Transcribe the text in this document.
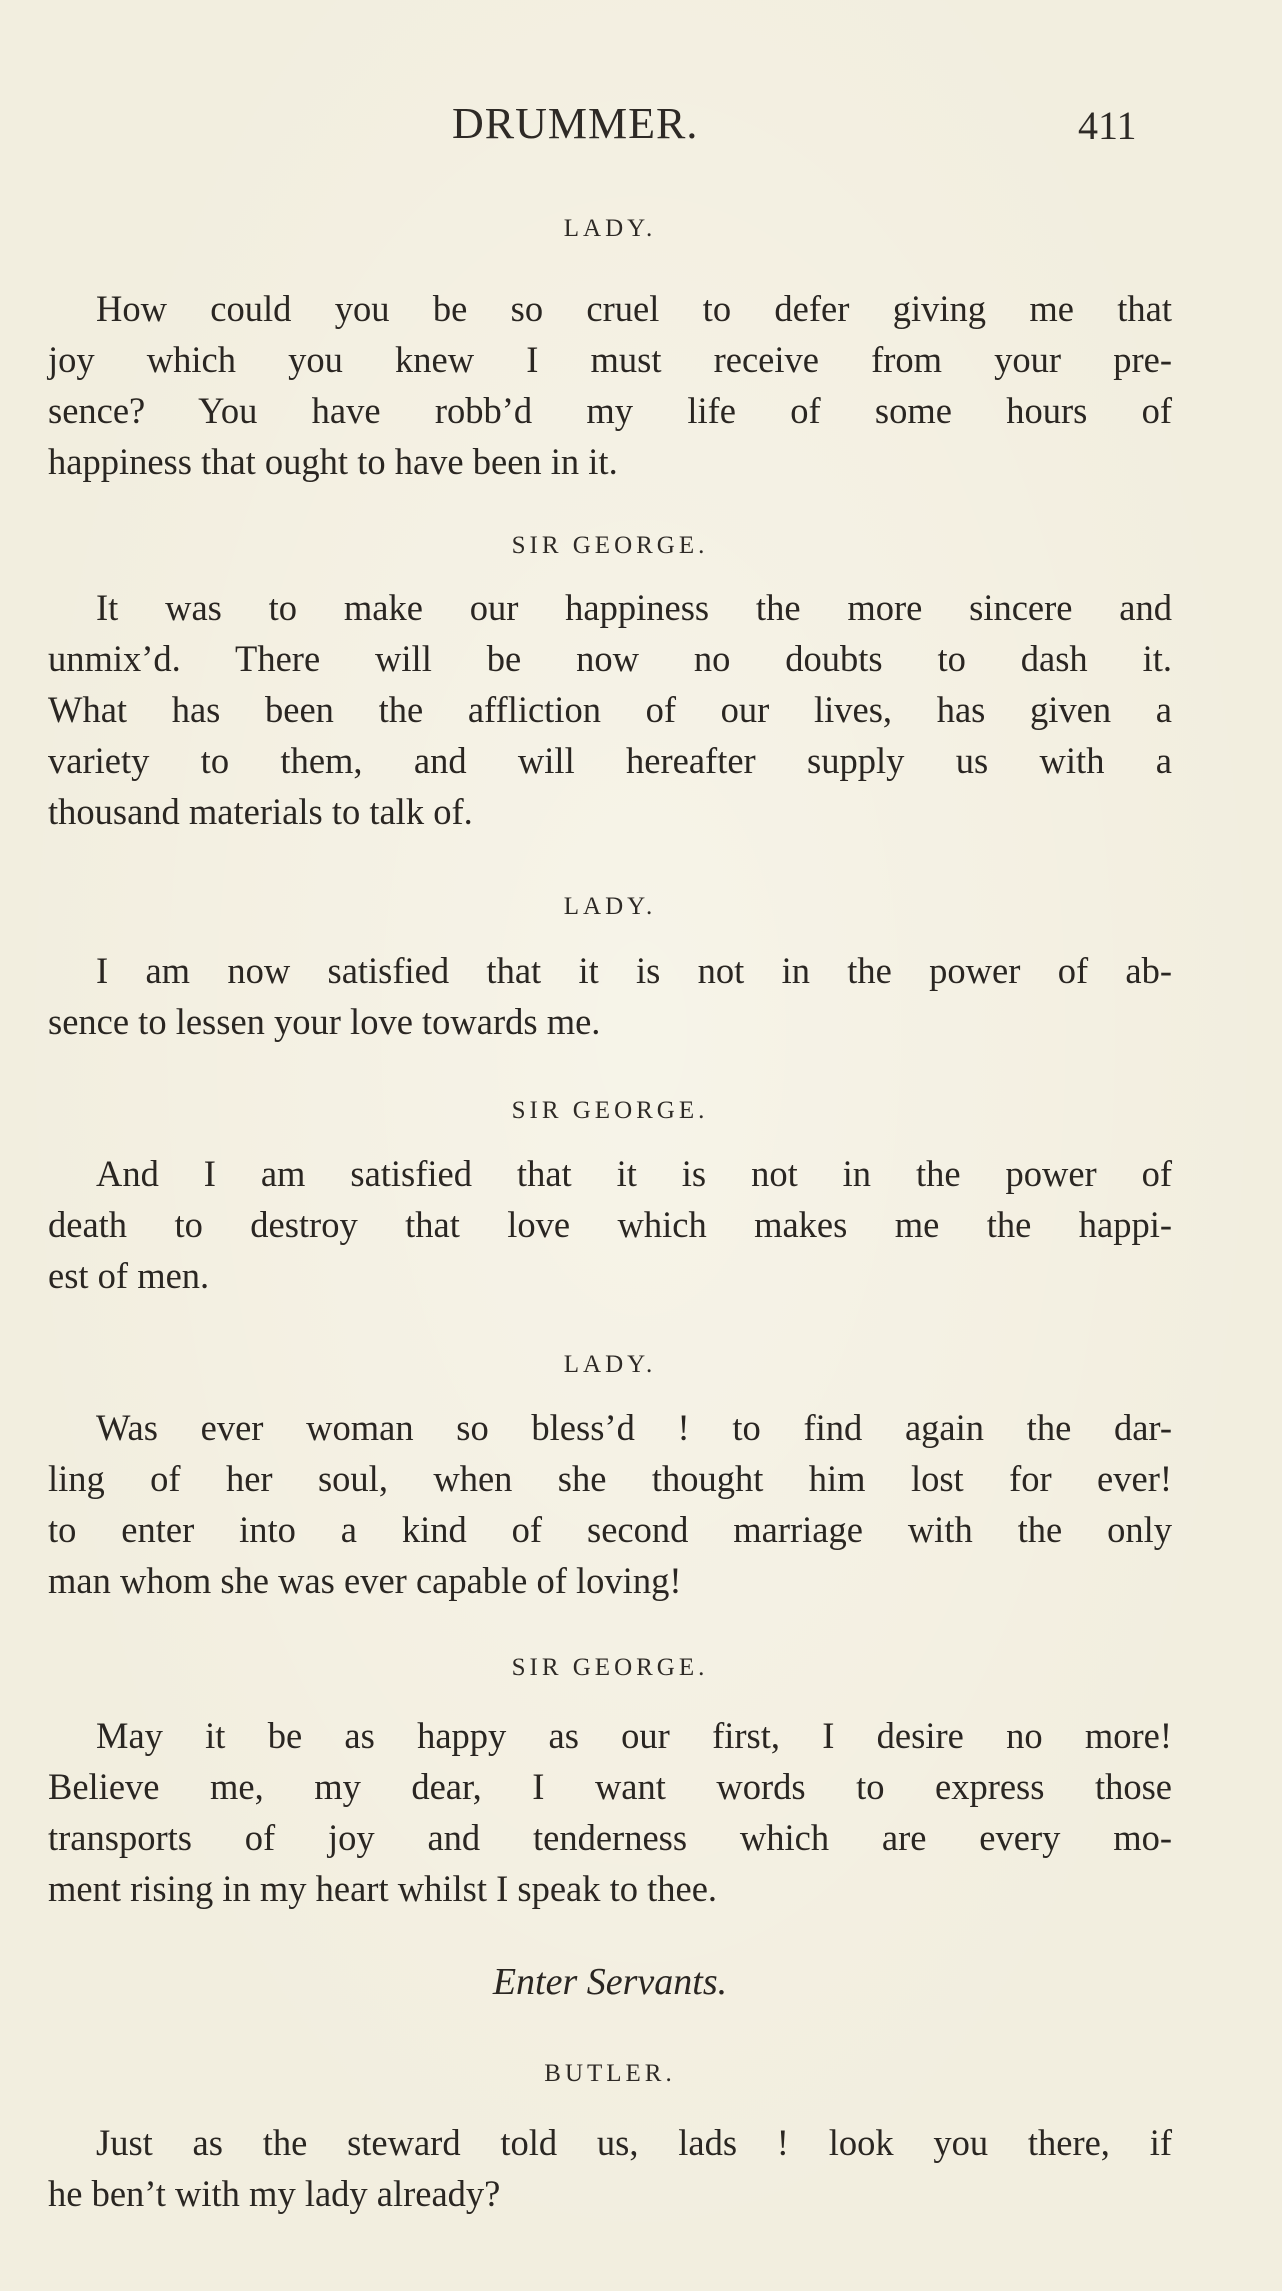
DRUMMER.	411
LADY.
How could you be so cruel to defer giving me that
joy which you knew I must receive from your pre-
sence? You have robb’d my life of some hours of
happiness that ought to have been in it.
SIR GEORGE.
It was to make our happiness the more sincere and
unmix’d. There will be now no doubts to dash it.
What has been the affliction of our lives, has given a
variety to them, and will hereafter supply us with a
thousand materials to talk of.
LADY.
I am now satisfied that it is not in the power of ab-
sence to lessen your love towards me.
SIR GEORGE.
And I am satisfied that it is not in the power of
death to destroy that love which makes me the happi-
est of men.
LADY.
Was ever woman so bless’d ! to find again the dar-
ling of her soul, when she thought him lost for ever!
to enter into a kind of second marriage with the only
man whom she was ever capable of loving!
SIR GEORGE.
May it be as happy as our first, I desire no more!
Believe me, my dear, I want words to express those
transports of joy and tenderness which are every mo-
ment rising in my heart whilst I speak to thee.
Enter Servants.
BUTLER.
Just as the steward told us, lads ! look you there, if
he ben’t with my lady already?
